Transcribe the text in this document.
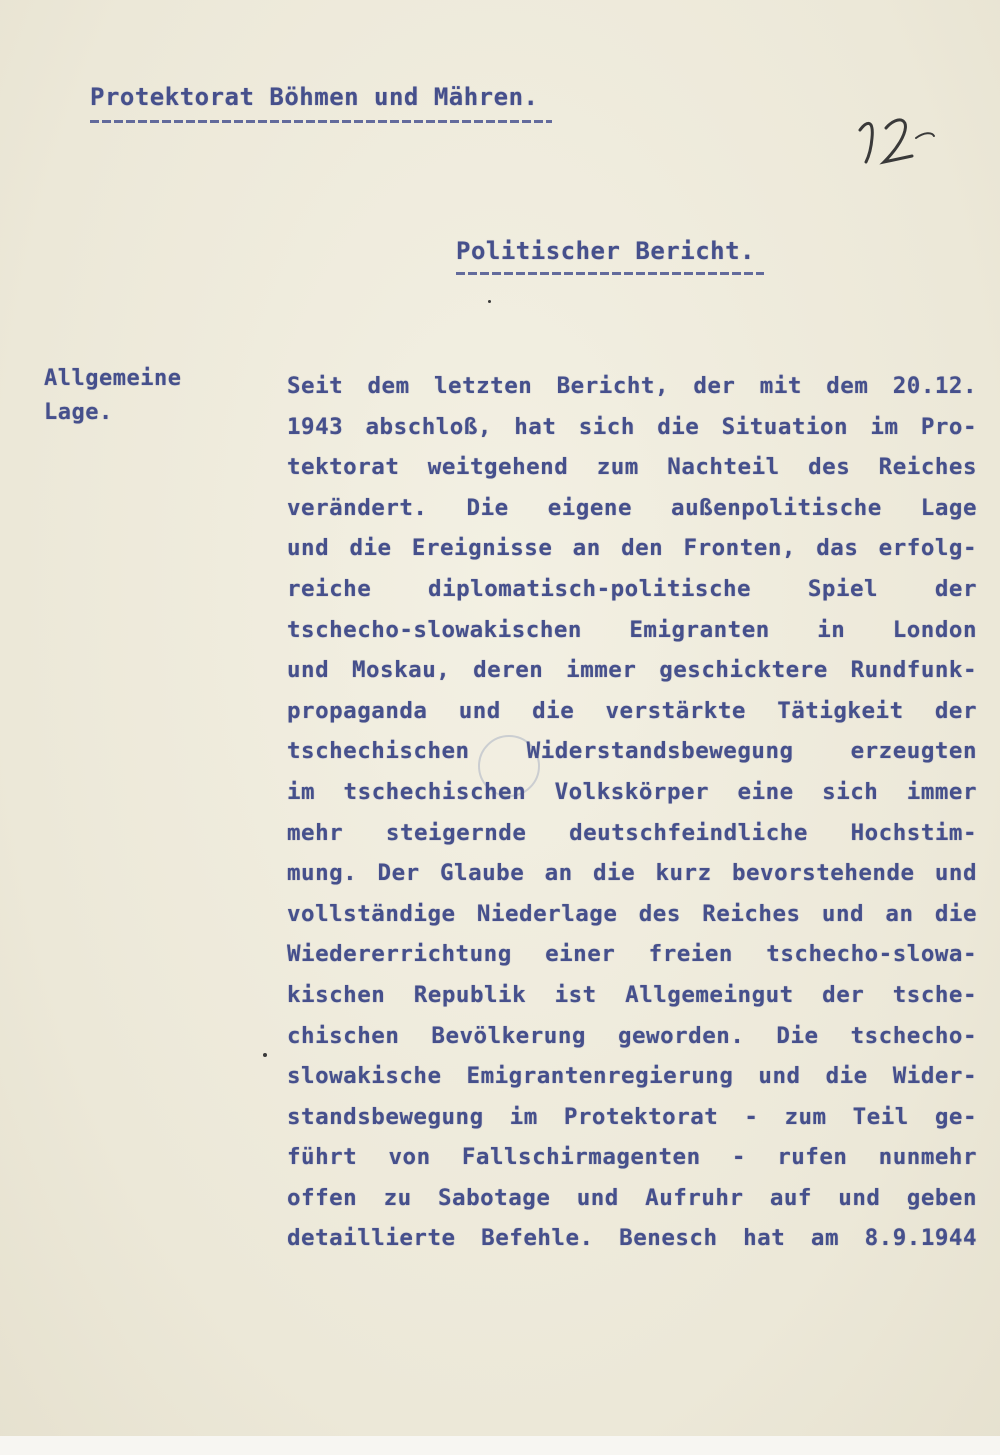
Protektorat Böhmen und Mähren.
Politischer Bericht.
Allgemeine
Lage.
Seit dem letzten Bericht, der mit dem 20.12.
1943 abschloß, hat sich die Situation im Pro-
tektorat weitgehend zum Nachteil des Reiches
verändert. Die eigene außenpolitische Lage
und die Ereignisse an den Fronten, das erfolg-
reiche diplomatisch-politische Spiel der
tschecho-slowakischen Emigranten in London
und Moskau, deren immer geschicktere Rundfunk-
propaganda und die verstärkte Tätigkeit der
tschechischen Widerstandsbewegung erzeugten
im tschechischen Volkskörper eine sich immer
mehr steigernde deutschfeindliche Hochstim-
mung. Der Glaube an die kurz bevorstehende und
vollständige Niederlage des Reiches und an die
Wiedererrichtung einer freien tschecho-slowa-
kischen Republik ist Allgemeingut der tsche-
chischen Bevölkerung geworden. Die tschecho-
slowakische Emigrantenregierung und die Wider-
standsbewegung im Protektorat - zum Teil ge-
führt von Fallschirmagenten - rufen nunmehr
offen zu Sabotage und Aufruhr auf und geben
detaillierte Befehle. Benesch hat am 8.9.1944
